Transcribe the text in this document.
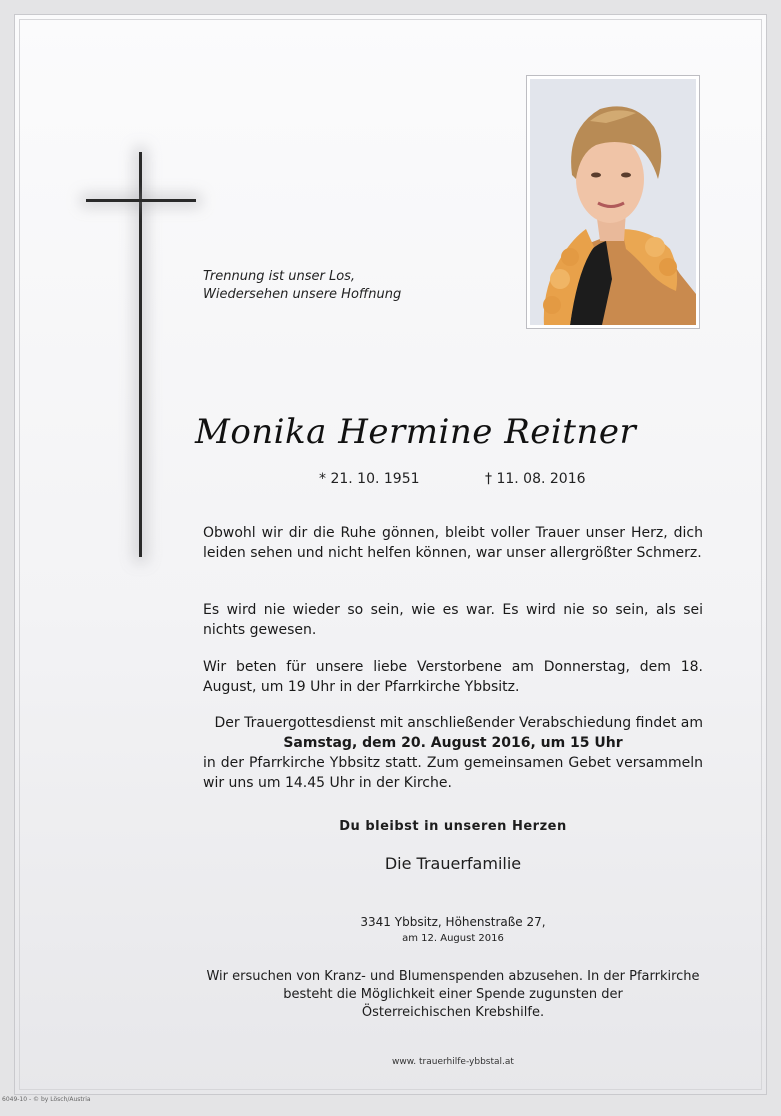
Trennung ist unser Los,
Wiedersehen unsere Hoffnung
Monika Hermine Reitner
* 21. 10. 1951	† 11. 08. 2016
Obwohl wir dir die Ruhe gönnen, bleibt voller Trauer unser Herz, dich leiden sehen und nicht helfen können, war unser allergrößter Schmerz.
Es wird nie wieder so sein, wie es war. Es wird nie so sein, als sei nichts gewesen.
Wir beten für unsere liebe Verstorbene am Donnerstag, dem 18. August, um 19 Uhr in der Pfarrkirche Ybbsitz.
Der Trauergottesdienst mit anschließender Verabschiedung findet am
Samstag, dem 20. August 2016, um 15 Uhr
in der Pfarrkirche Ybbsitz statt. Zum gemeinsamen Gebet versammeln
wir uns um 14.45 Uhr in der Kirche.
Du bleibst in unseren Herzen
Die Trauerfamilie
3341 Ybbsitz, Höhenstraße 27,
am 12. August 2016
Wir ersuchen von Kranz- und Blumenspenden abzusehen. In der Pfarrkirche
besteht die Möglichkeit einer Spende zugunsten der
Österreichischen Krebshilfe.
www. trauerhilfe-ybbstal.at
6049-10 - © by Lösch/Austria
